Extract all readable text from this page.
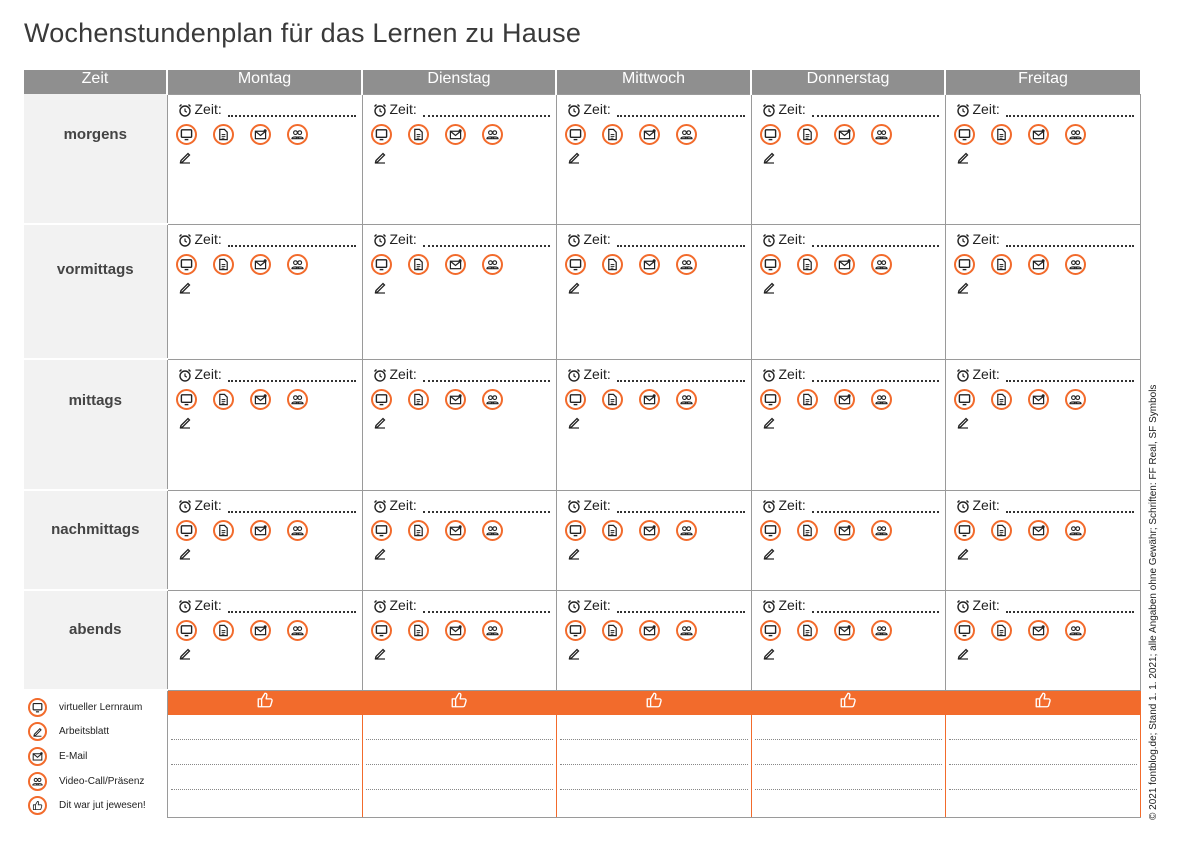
Wochenstundenplan für das Lernen zu Hause
Zeit	Montag	Dienstag	Mittwoch	Donnerstag	Freitag

morgens	Zeit:	Zeit:	Zeit:	Zeit:	Zeit:

vormittags	Zeit:	Zeit:	Zeit:	Zeit:	Zeit:

mittags	Zeit:	Zeit:	Zeit:	Zeit:	Zeit:

nachmittags	Zeit:	Zeit:	Zeit:	Zeit:	Zeit:

abends	Zeit:	Zeit:	Zeit:	Zeit:	Zeit:

virtueller Lernraum
Arbeitsblatt
E-Mail
Video-Call/Präsenz
Dit war jut jewesen!

		© 2021 fontblog.de; Stand 1. 1. 2021; alle Angaben ohne Gewähr; Schriften: FF Real, SF Symbols
